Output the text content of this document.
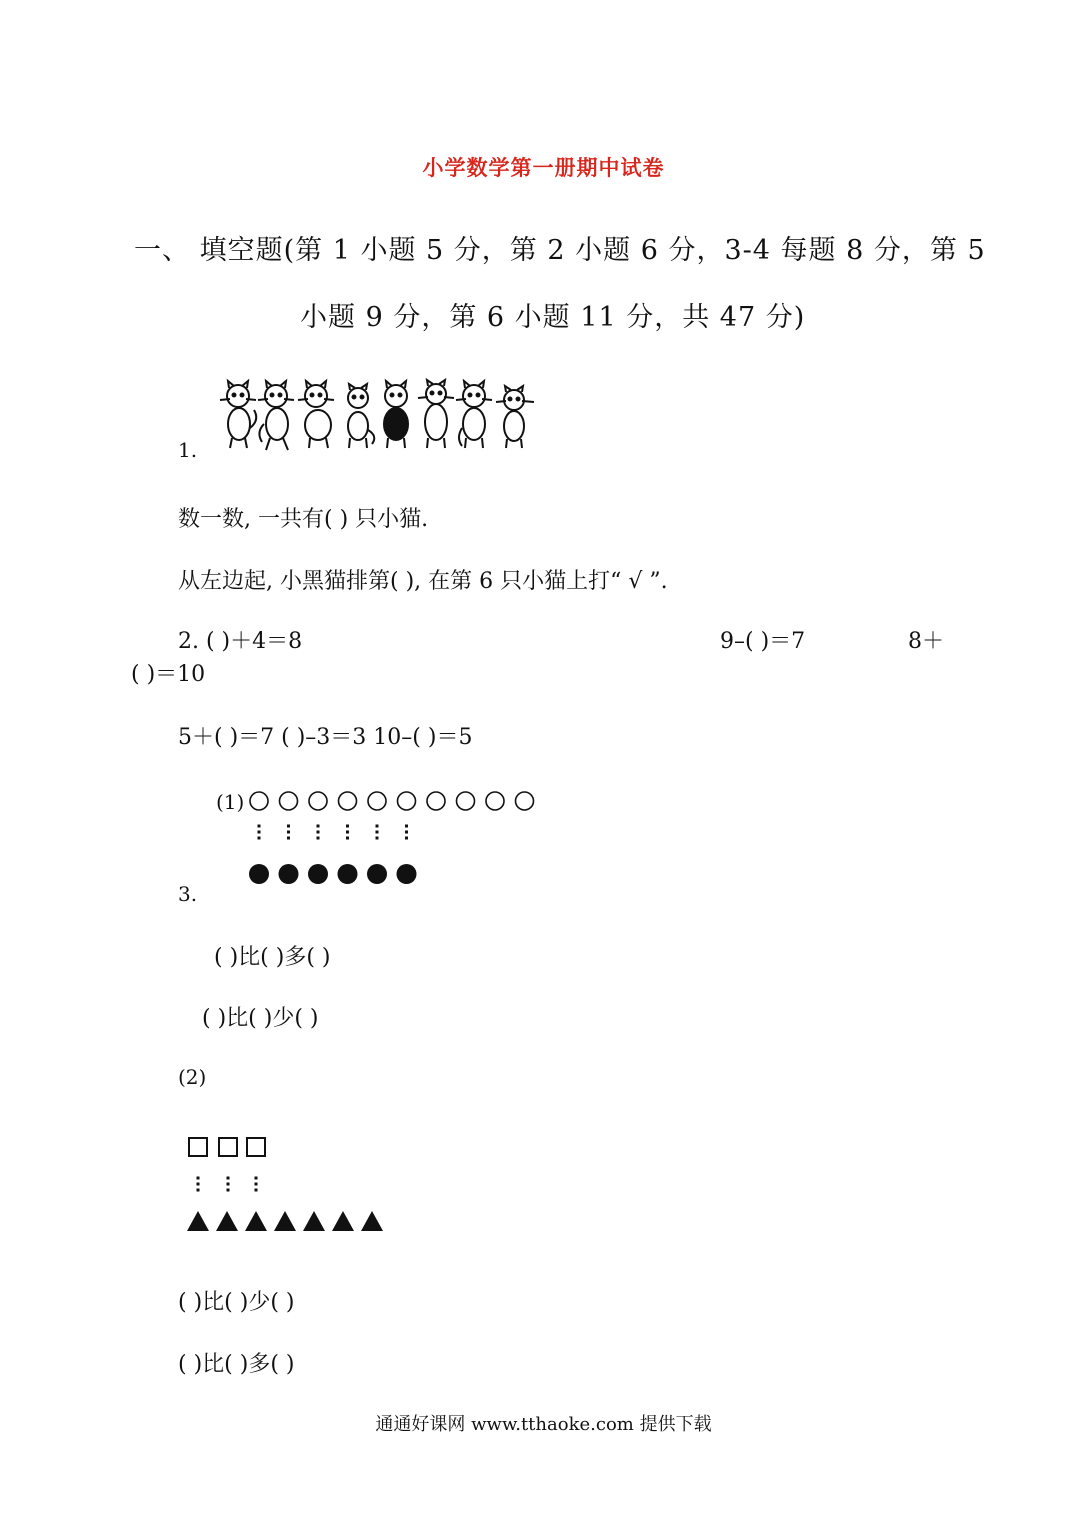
小学数学第一册期中试卷
一、 填空题(第 1 小题 5 分，第 2 小题 6 分，3-4 每题 8 分，第 5
小题 9 分，第 6 小题 11 分，共 47 分)
1.
数一数, 一共有( ) 只小猫.
从左边起, 小黑猫排第( ), 在第 6 只小猫上打“ √ ”.
2. ( )＋4＝8	9–( )＝7	8＋
( )＝10
5＋( )＝7 ( )–3＝3 10–( )＝5
(1)
3.
( )比( )多( )
( )比( )少( )
(2)
( )比( )少( )
( )比( )多( )
通通好课网 www.tthaoke.com 提供下载
